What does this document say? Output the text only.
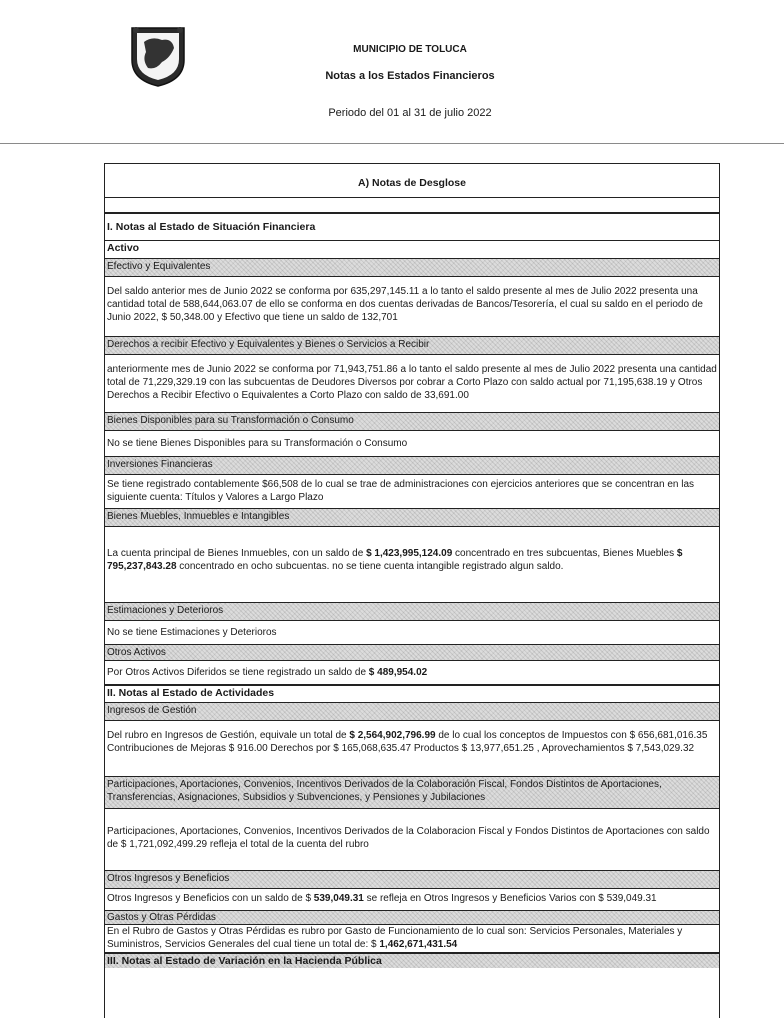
MUNICIPIO DE TOLUCA
Notas a los Estados Financieros
Periodo del 01 al 31 de julio 2022
A) Notas de Desglose
I. Notas al Estado de Situación Financiera
Activo
Efectivo y Equivalentes
Del saldo anterior mes de Junio 2022 se conforma por 635,297,145.11 a lo tanto el saldo presente al mes de Julio 2022 presenta una cantidad total de 588,644,063.07 de ello se conforma en dos cuentas derivadas de Bancos/Tesorería, el cual su saldo en el periodo de Junio 2022, $ 50,348.00 y Efectivo que tiene un saldo de 132,701
Derechos a recibir Efectivo y Equivalentes y Bienes o Servicios a Recibir
anteriormente mes de Junio 2022 se conforma por 71,943,751.86 a lo tanto el saldo presente al mes de Julio 2022 presenta una cantidad total de 71,229,329.19 con las subcuentas de Deudores Diversos por cobrar a Corto Plazo con saldo actual por 71,195,638.19 y Otros Derechos a Recibir Efectivo o Equivalentes a Corto Plazo con saldo de 33,691.00
Bienes Disponibles para su Transformación o Consumo
No se tiene Bienes Disponibles para su Transformación o Consumo
Inversiones Financieras
Se tiene registrado contablemente $66,508 de lo cual se trae de administraciones con ejercicios anteriores que se concentran en las siguiente cuenta: Títulos y Valores a Largo Plazo
Bienes Muebles, Inmuebles e Intangibles
La cuenta principal de Bienes Inmuebles, con un saldo de $ 1,423,995,124.09 concentrado en tres subcuentas, Bienes Muebles $ 795,237,843.28 concentrado en ocho subcuentas. no se tiene cuenta intangible registrado algun saldo.
Estimaciones y Deterioros
No se tiene Estimaciones y Deterioros
Otros Activos
Por Otros Activos Diferidos se tiene registrado un saldo de $ 489,954.02
II. Notas al Estado de Actividades
Ingresos de Gestión
Del rubro en Ingresos de Gestión, equivale un total de $ 2,564,902,796.99 de lo cual los conceptos de Impuestos con $ 656,681,016.35 Contribuciones de Mejoras $ 916.00 Derechos por $ 165,068,635.47 Productos $ 13,977,651.25 , Aprovechamientos $ 7,543,029.32
Participaciones, Aportaciones, Convenios, Incentivos Derivados de la Colaboración Fiscal, Fondos Distintos de Aportaciones, Transferencias, Asignaciones, Subsidios y Subvenciones, y Pensiones y Jubilaciones
Participaciones, Aportaciones, Convenios, Incentivos Derivados de la Colaboracion Fiscal y Fondos Distintos de Aportaciones con saldo de $ 1,721,092,499.29 refleja el total de la cuenta del rubro
Otros Ingresos y Beneficios
Otros Ingresos y Beneficios con un saldo de $ 539,049.31 se refleja en Otros Ingresos y Beneficios Varios con $ 539,049.31
Gastos y Otras Pérdidas
En el Rubro de Gastos y Otras Pérdidas es rubro por Gasto de Funcionamiento de lo cual son: Servicios Personales, Materiales y Suministros, Servicios Generales del cual tiene un total de: $ 1,462,671,431.54
III. Notas al Estado de Variación en la Hacienda Pública
